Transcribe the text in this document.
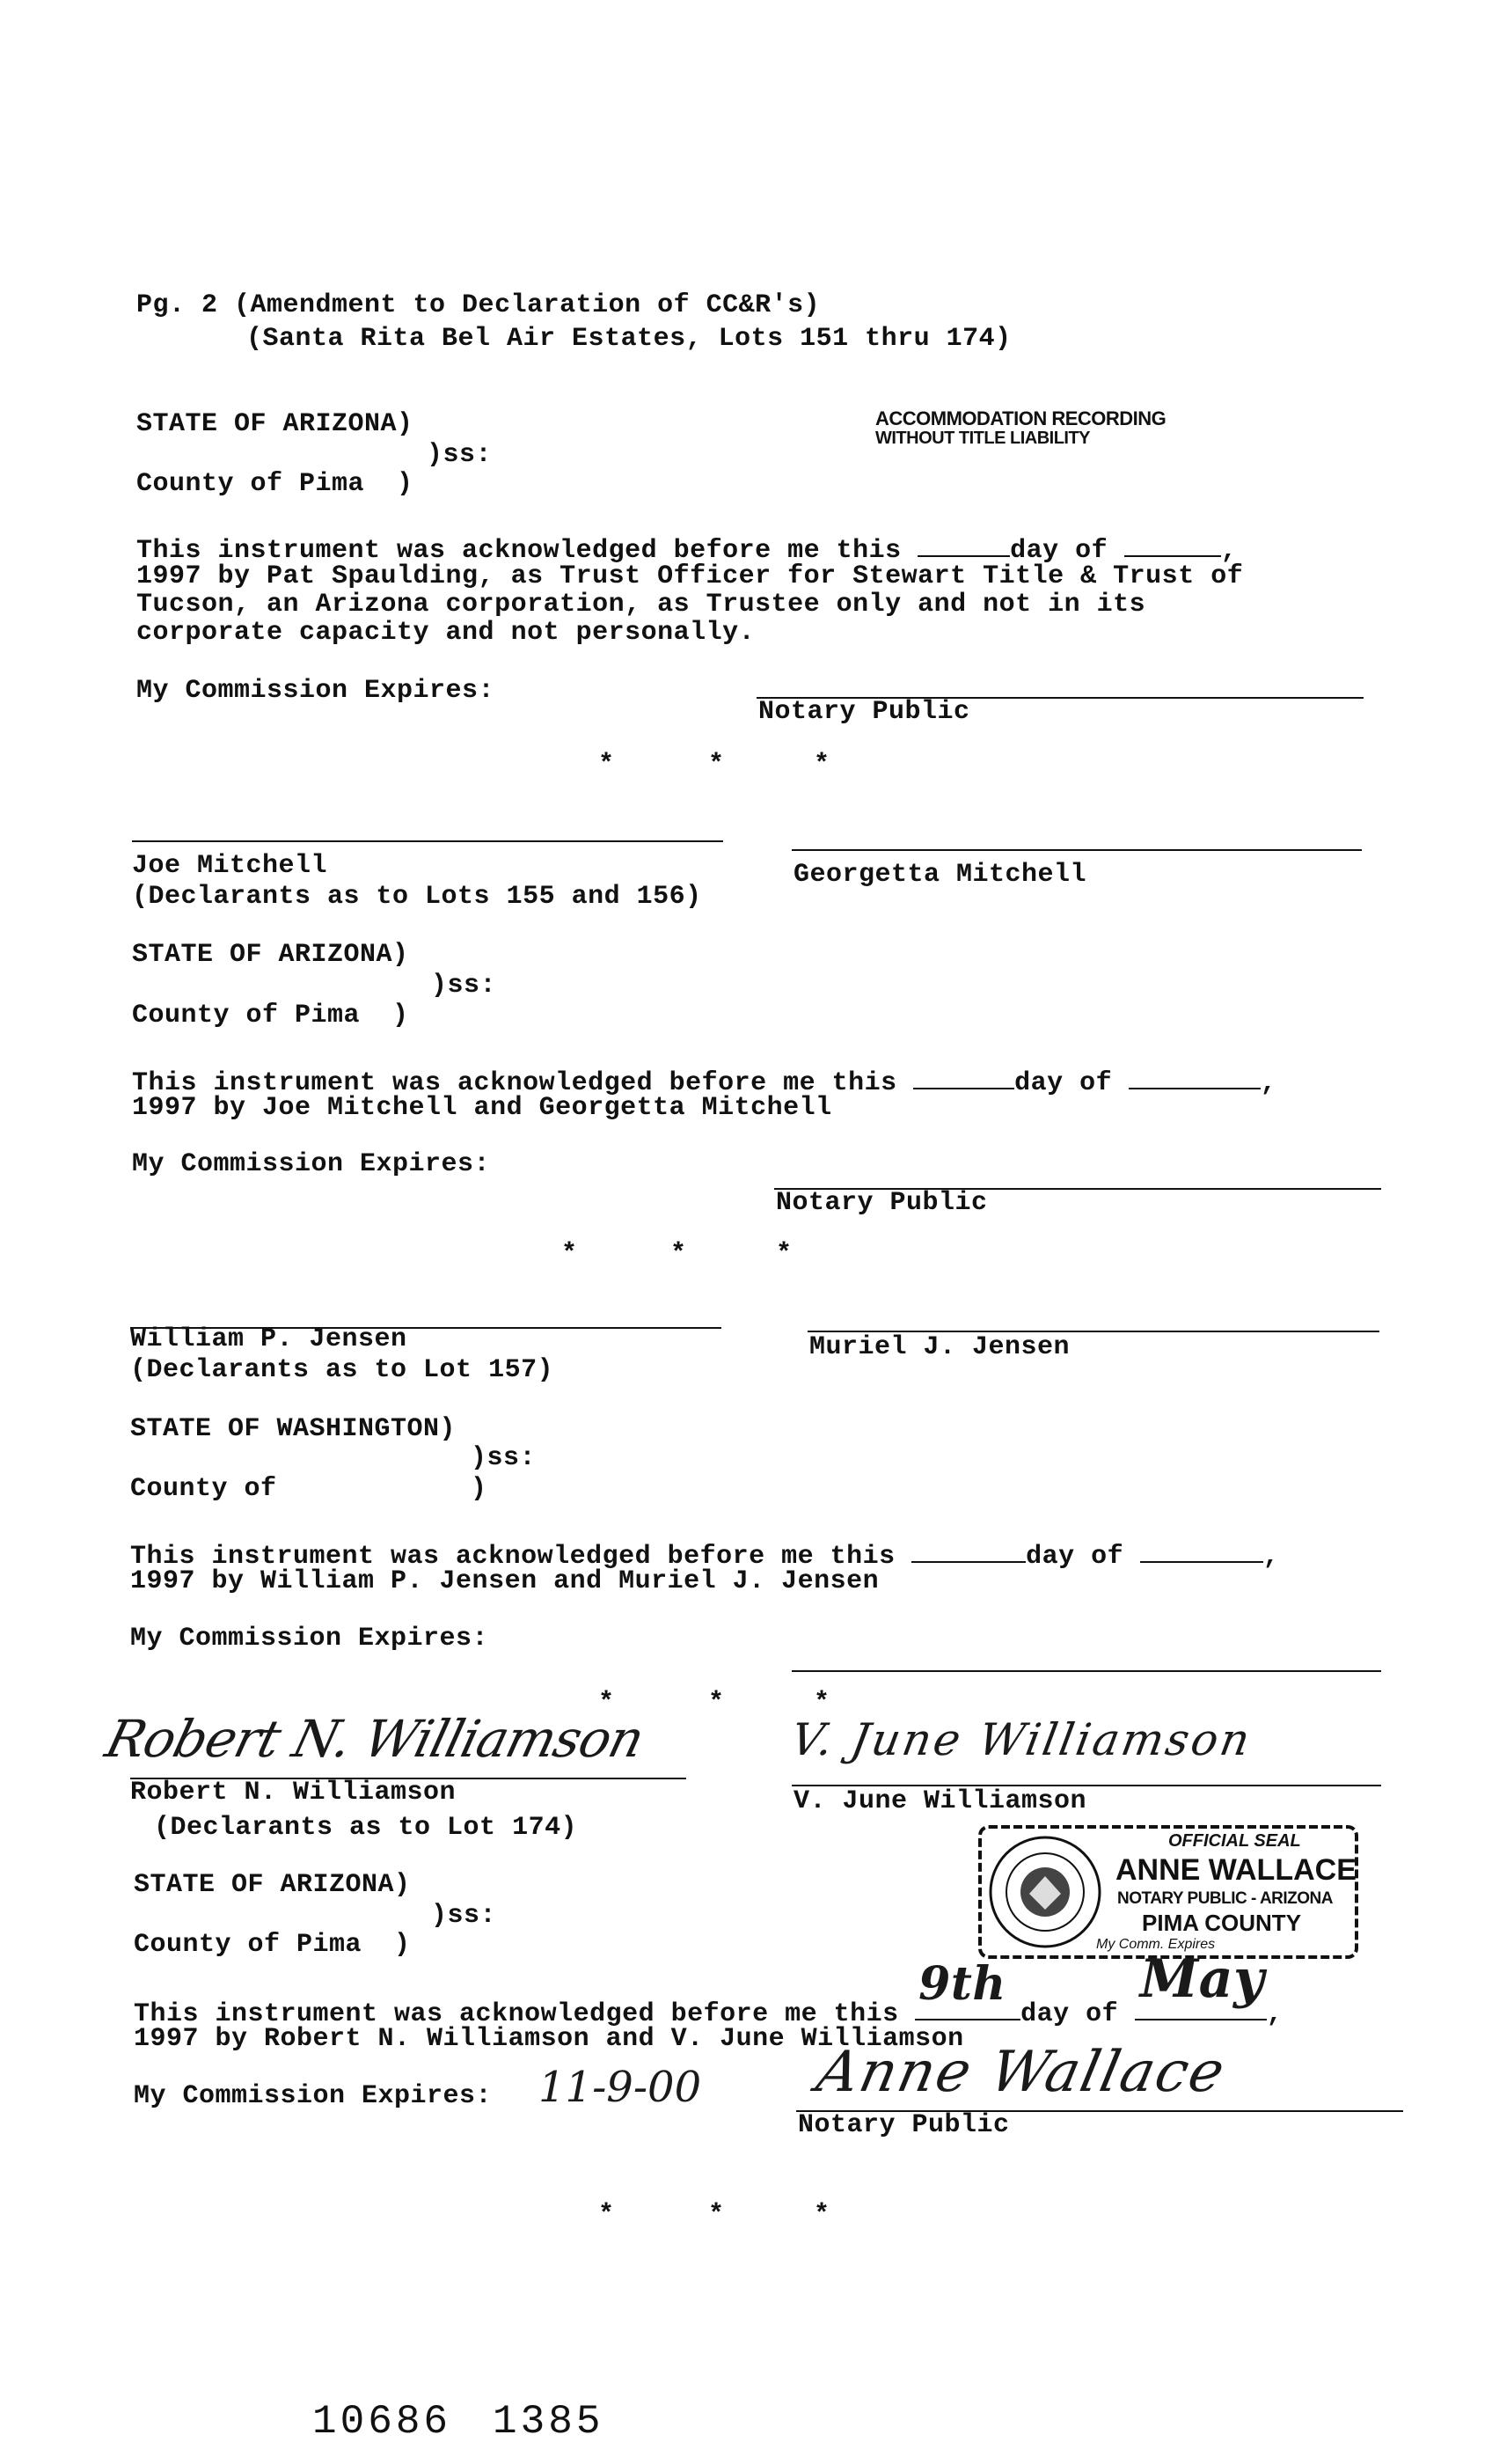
Pg. 2 (Amendment to Declaration of CC&R's)
(Santa Rita Bel Air Estates, Lots 151 thru 174)
ACCOMMODATION RECORDING
WITHOUT TITLE LIABILITY
STATE OF ARIZONA)
)ss:
County of Pima  )
This instrument was acknowledged before me this	day of	,
1997 by Pat Spaulding, as Trust Officer for Stewart Title & Trust of
Tucson, an Arizona corporation, as Trustee only and not in its
corporate capacity and not personally.
My Commission Expires:
Notary Public
*	*	*
Joe Mitchell	Georgetta Mitchell
(Declarants as to Lots 155 and 156)
STATE OF ARIZONA)
)ss:
County of Pima  )
This instrument was acknowledged before me this	day of	,
1997 by Joe Mitchell and Georgetta Mitchell
My Commission Expires:
Notary Public
*	*	*
William P. Jensen	Muriel J. Jensen
(Declarants as to Lot 157)
STATE OF WASHINGTON)
)ss:
County of	)
This instrument was acknowledged before me this	day of	,
1997 by William P. Jensen and Muriel J. Jensen
My Commission Expires:
*	*	*
Robert N. Williamson	V. June Williamson
Robert N. Williamson	V. June Williamson
(Declarants as to Lot 174)	OFFICIAL SEAL
ANNE WALLACE
NOTARY PUBLIC - ARIZONA
PIMA COUNTY
My Comm. Expires
STATE OF ARIZONA)
)ss:
County of Pima  )
This instrument was acknowledged before me this
9th
day of
May
,
1997 by Robert N. Williamson and V. June Williamson
My Commission Expires: 11-9-00 Anne Wallace
Notary Public
*	*	*
10686 1385
